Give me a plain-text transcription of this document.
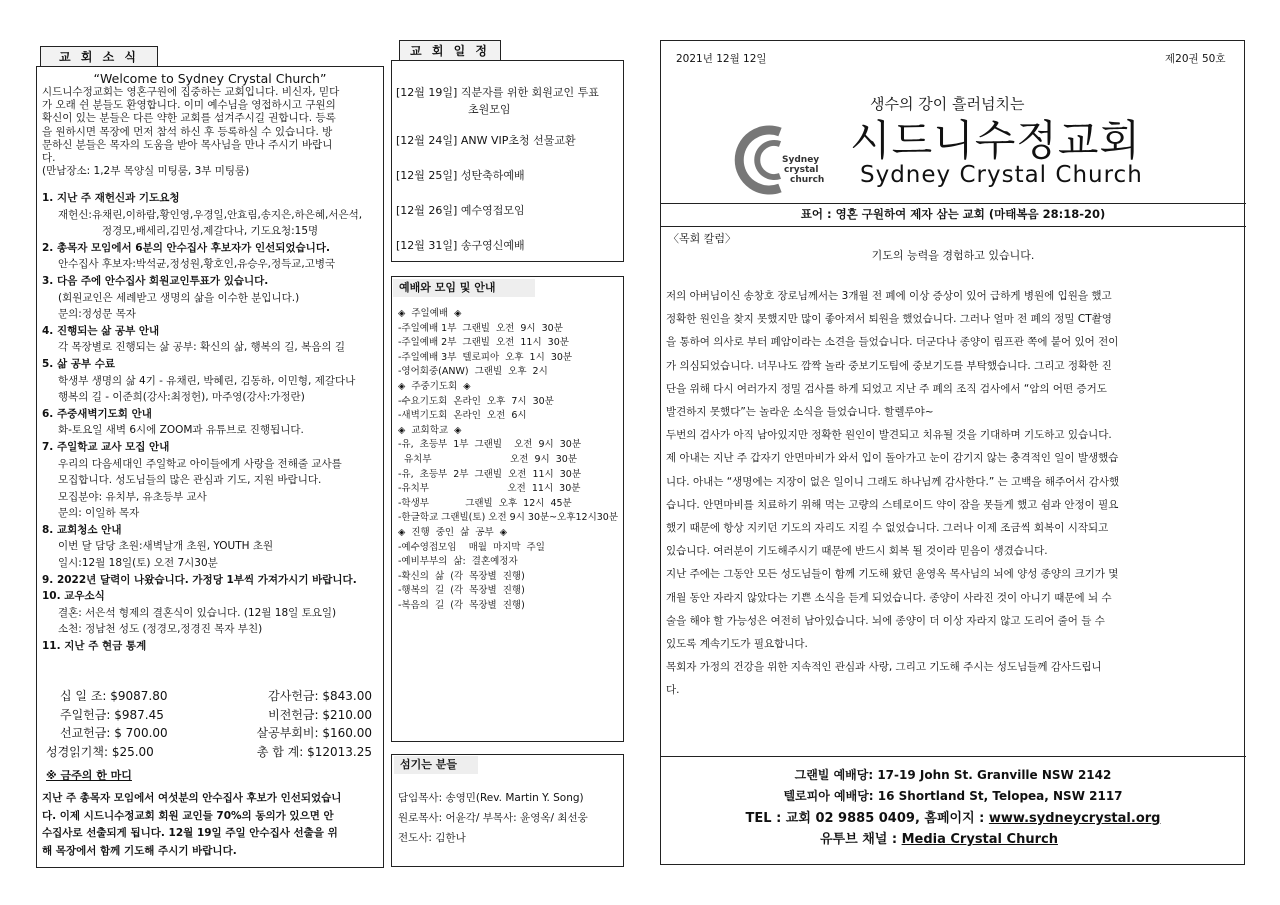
교 회 소 식
“Welcome to Sydney Crystal Church”
시드니수정교회는 영혼구원에 집중하는 교회입니다. 비신자, 믿다
가 오래 쉰 분들도 환영합니다. 이미 예수님을 영접하시고 구원의
확신이 있는 분들은 다른 약한 교회를 섬겨주시길 권합니다. 등록
을 원하시면 목장에 먼저 참석 하신 후 등록하실 수 있습니다. 방
문하신 분들은 목자의 도움을 받아 목사님을 만나 주시기 바랍니
다.
(만남장소: 1,2부 목양실 미팅룸, 3부 미팅룸)
1. 지난 주 재헌신과 기도요청
재헌신:유채린,이하람,황인영,우경일,안효림,송지은,하은혜,서은석,
정경모,배세리,김민성,제갈다나, 기도요청:15명
2. 총목자 모임에서 6분의 안수집사 후보자가 인선되었습니다.
안수집사 후보자:박석균,정성원,황호인,유승우,정득교,고병국
3. 다음 주에 안수집사 회원교인투표가 있습니다.
(회원교인은 세례받고 생명의 삶을 이수한 분입니다.)
문의:정성문 목자
4. 진행되는 삶 공부 안내
각 목장별로 진행되는 삶 공부: 확신의 삶, 행복의 길, 복음의 길
5. 삶 공부 수료
학생부 생명의 삶 4기 - 유채린, 박혜린, 김동하, 이민형, 제갈다나
행복의 길 - 이준희(강사:최정헌), 마주영(강사:가정란)
6. 주중새벽기도회 안내
화-토요일 새벽 6시에 ZOOM과 유튜브로 진행됩니다.
7. 주일학교 교사 모집 안내
우리의 다음세대인 주일학교 아이들에게 사랑을 전해줄 교사를
모집합니다. 성도님들의 많은 관심과 기도, 지원 바랍니다.
모집분야: 유치부, 유초등부 교사
문의: 이일하 목자
8. 교회청소 안내
이번 달 담당 초원:새벽날개 초원, YOUTH 초원
일시:12월 18일(토) 오전 7시30분
9. 2022년 달력이 나왔습니다. 가정당 1부씩 가져가시기 바랍니다.
10. 교우소식
결혼: 서은석 형제의 결혼식이 있습니다. (12월 18일 토요일)
소천: 정남천 성도 (정경모,정경진 목자 부친)
11. 지난 주 현금 통계
십 일 조: $9087.80	감사헌금: $843.00
주일헌금: $987.45	비전헌금: $210.00
선교헌금: $ 700.00	살공부회비: $160.00
성경읽기책: $25.00	총 합 계: $12013.25
※ 금주의 한 마디
지난 주 총목자 모임에서 여섯분의 안수집사 후보가 인선되었습니
다. 이제 시드니수정교회 회원 교인들 70%의 동의가 있으면 안
수집사로 선출되게 됩니다. 12월 19일 주일 안수집사 선출을 위
해 목장에서 함께 기도해 주시기 바랍니다.
교 회 일 정
[12월 19일] 직분자를 위한 회원교인 투표
초원모임
[12월 24일] ANW VIP초청 선물교환
[12월 25일] 성탄축하예배
[12월 26일] 예수영접모임
[12월 31일] 송구영신예배
예배와 모임 및 안내
◈  주일예배  ◈
-주일예배 1부  그랜빌  오전  9시  30분
-주일예배 2부  그랜빌  오전  11시  30분
-주일예배 3부  텔로피아  오후  1시  30분
-영어회중(ANW)  그랜빌  오후  2시
◈  주중기도회  ◈
-수요기도회  온라인  오후  7시  30분
-새벽기도회  온라인  오전  6시
◈  교회학교  ◈
-유,  초등부  1부  그랜빌    오전  9시  30분
유치부                          오전  9시  30분
-유,  초등부  2부  그랜빌  오전  11시  30분
-유치부                          오전  11시  30분
-학생부            그랜빌  오후  12시  45분
-한글학교 그랜빌(토) 오전 9시 30분~오후12시30분
◈  진행  중인  삶  공부  ◈
-예수영접모임    매월  마지막  주일
-예비부부의  삶:  결혼예정자
-확신의  삶  (각  목장별  진행)
-행복의  길  (각  목장별  진행)
-복음의  길  (각  목장별  진행)
섬기는 분들
담임목사: 송영민(Rev. Martin Y. Song)
원로목사: 어윤각/ 부목사: 윤영옥/ 최선웅
전도사: 김한나
2021년 12월 12일	제20권 50호
생수의 강이 흘러넘치는
Sydney
crystal
church
시드니수정교회
Sydney Crystal Church
표어 : 영혼 구원하여 제자 삼는 교회 (마태복음 28:18-20)
〈목회 칼럼〉
기도의 능력을 경험하고 있습니다.
저의 아버님이신 송창호 장로님께서는 3개월 전 폐에 이상 증상이 있어 급하게 병원에 입원을 했고
정확한 원인을 찾지 못했지만 많이 좋아져서 퇴원을 했었습니다. 그러나 얼마 전 폐의 정밀 CT촬영
을 통하여 의사로 부터 폐암이라는 소견을 들었습니다. 더군다나 종양이 림프관 쪽에 붙어 있어 전이
가 의심되었습니다. 너무나도 깜짝 놀라 중보기도팀에 중보기도를 부탁했습니다. 그리고 정확한 진
단을 위해 다시 여러가지 정밀 검사를 하게 되었고 지난 주 폐의 조직 검사에서 “암의 어떤 증거도
발견하지 못했다”는 놀라운 소식을 들었습니다. 할렐루야~
두번의 검사가 아직 남아있지만 정확한 원인이 발견되고 치유될 것을 기대하며 기도하고 있습니다.
제 아내는 지난 주 갑자기 안면마비가 와서 입이 돌아가고 눈이 감기지 않는 충격적인 일이 발생했습
니다. 아내는 “생명에는 지장이 없은 일이니 그래도 하나님께 감사한다.” 는 고백을 해주어서 감사했
습니다. 안면마비를 치료하기 위해 먹는 고량의 스테로이드 약이 잠을 못들게 했고 쉼과 안정이 필요
했기 때문에 항상 지키던 기도의 자리도 지킬 수 없었습니다. 그러나 이제 조금씩 회복이 시작되고
있습니다. 여러분이 기도해주시기 때문에 반드시 회복 될 것이라 믿음이 생겼습니다.
지난 주에는 그동안 모든 성도님들이 함께 기도해 왔던 윤영옥 목사님의 뇌에 양성 종양의 크기가 몇
개월 동안 자라지 않았다는 기쁜 소식을 듣게 되었습니다. 종양이 사라진 것이 아니기 때문에 뇌 수
술을 해야 할 가능성은 여전히 남아있습니다. 뇌에 종양이 더 이상 자라지 않고 도리어 줄어 들 수
있도록 계속기도가 필요합니다.
목회자 가정의 건강을 위한 지속적인 관심과 사랑, 그리고 기도해 주시는 성도님들께 감사드립니
다.
그랜빌 예배당: 17-19 John St. Granville NSW 2142
텔로피아 예배당: 16 Shortland St, Telopea, NSW 2117
TEL : 교회 02 9885 0409, 홈페이지 : www.sydneycrystal.org
유투브 채널 : Media Crystal Church
